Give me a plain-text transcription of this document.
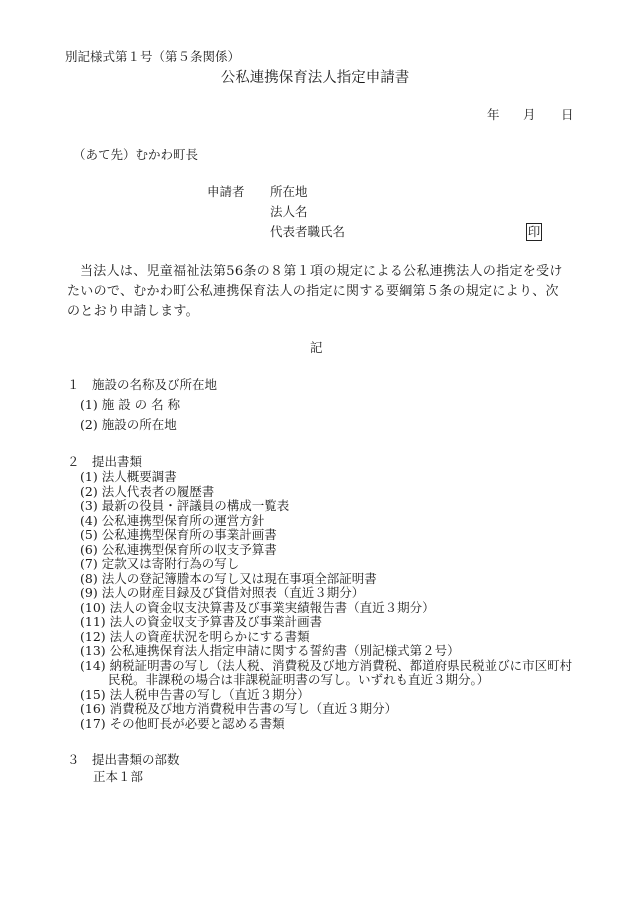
別記様式第１号（第５条関係）
公私連携保育法人指定申請書
年 月 日
（あて先）むかわ町長
申請者 所在地
法人名
代表者職氏名	印
当法人は、児童福祉法第56条の８第１項の規定による公私連携法人の指定を受け
たいので、むかわ町公私連携保育法人の指定に関する要綱第５条の規定により、次
のとおり申請します。
記
１　施設の名称及び所在地
(1) 施 設 の 名 称
(2) 施設の所在地
２　提出書類
(1) 法人概要調書
(2) 法人代表者の履歴書
(3) 最新の役員・評議員の構成一覧表
(4) 公私連携型保育所の運営方針
(5) 公私連携型保育所の事業計画書
(6) 公私連携型保育所の収支予算書
(7) 定款又は寄附行為の写し
(8) 法人の登記簿謄本の写し又は現在事項全部証明書
(9) 法人の財産目録及び貸借対照表（直近３期分）
(10) 法人の資金収支決算書及び事業実績報告書（直近３期分）
(11) 法人の資金収支予算書及び事業計画書
(12) 法人の資産状況を明らかにする書類
(13) 公私連携保育法人指定申請に関する誓約書（別記様式第２号）
(14) 納税証明書の写し（法人税、消費税及び地方消費税、都道府県民税並びに市区町村
民税。非課税の場合は非課税証明書の写し。いずれも直近３期分。）
(15) 法人税申告書の写し（直近３期分）
(16) 消費税及び地方消費税申告書の写し（直近３期分）
(17) その他町長が必要と認める書類
３　提出書類の部数
正本１部
